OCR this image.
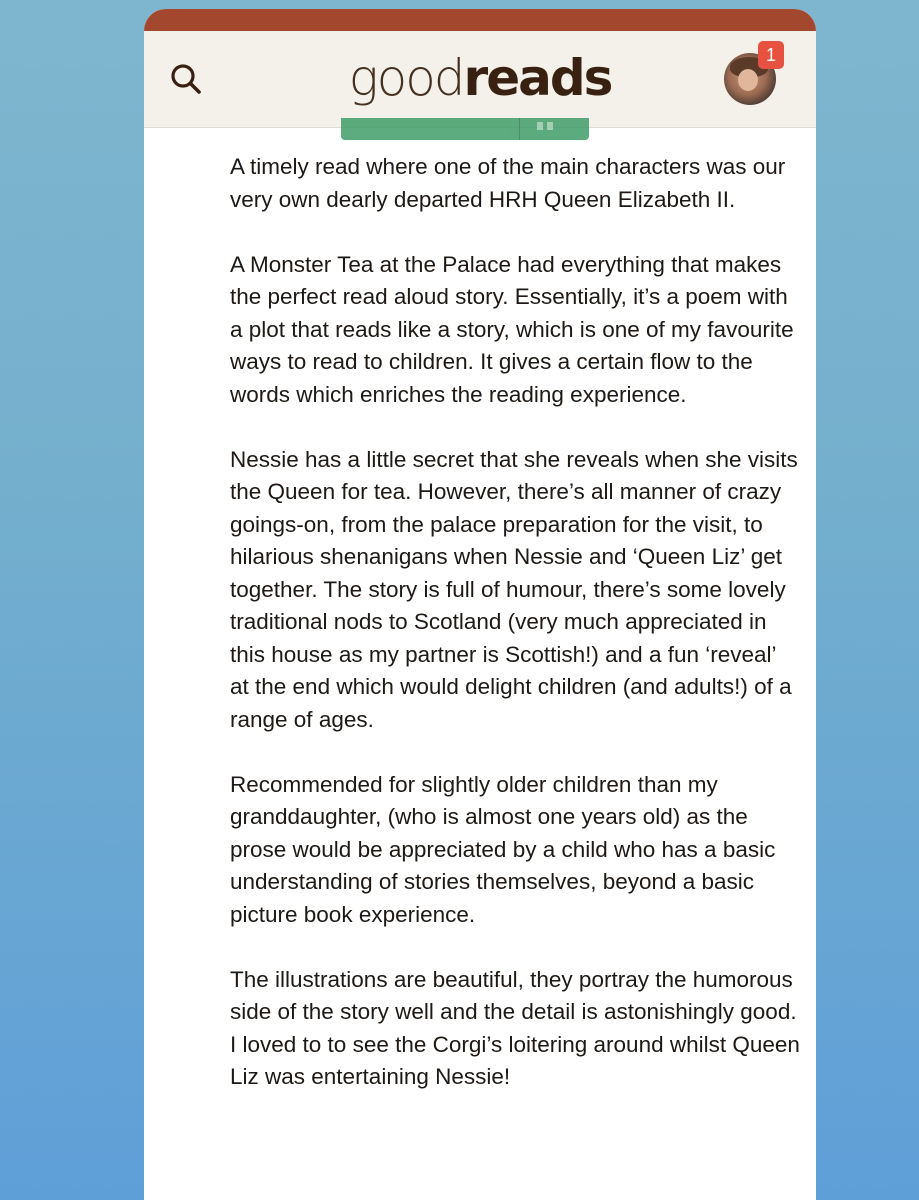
goodreads	1

A timely read where one of the main characters was our very own dearly departed HRH Queen Elizabeth II.

A Monster Tea at the Palace had everything that makes the perfect read aloud story. Essentially, it’s a poem with a plot that reads like a story, which is one of my favourite ways to read to children. It gives a certain flow to the words which enriches the reading experience.

Nessie has a little secret that she reveals when she visits the Queen for tea. However, there’s all manner of crazy goings-on, from the palace preparation for the visit, to hilarious shenanigans when Nessie and ‘Queen Liz’ get together. The story is full of humour, there’s some lovely traditional nods to Scotland (very much appreciated in this house as my partner is Scottish!) and a fun ‘reveal’ at the end which would delight children (and adults!) of a range of ages.

Recommended for slightly older children than my granddaughter, (who is almost one years old) as the prose would be appreciated by a child who has a basic understanding of stories themselves, beyond a basic picture book experience.

The illustrations are beautiful, they portray the humorous side of the story well and the detail is astonishingly good. I loved to to see the Corgi’s loitering around whilst Queen Liz was entertaining Nessie!
